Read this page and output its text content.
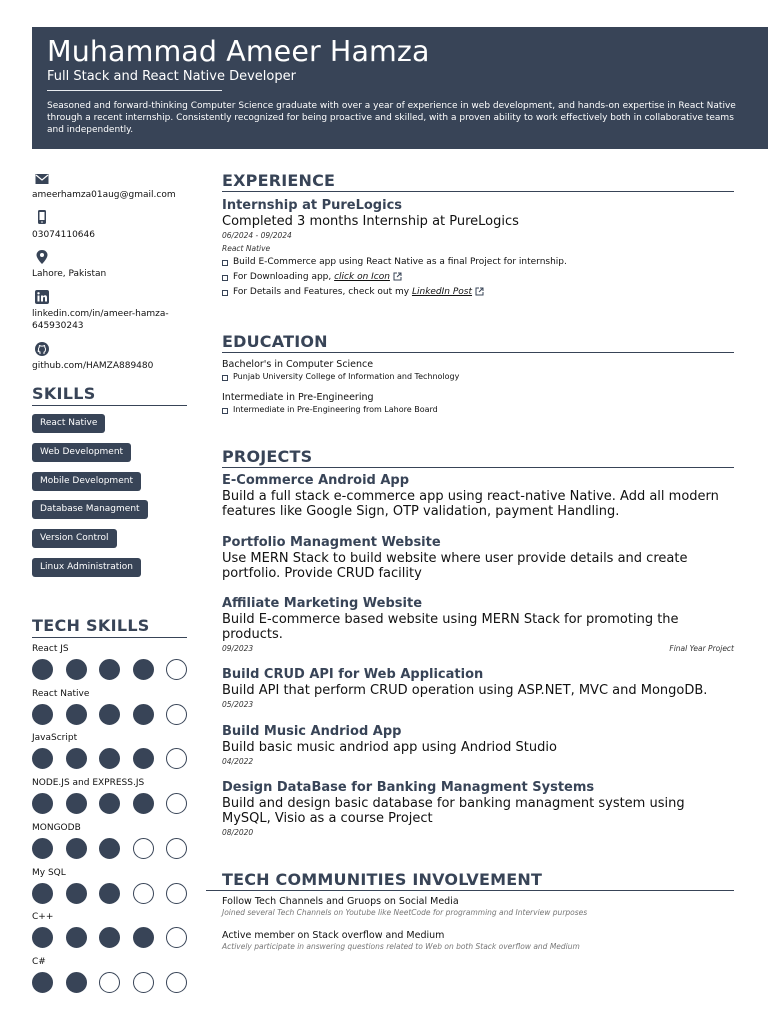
Muhammad Ameer Hamza
Full Stack and React Native Developer
Seasoned and forward-thinking Computer Science graduate with over a year of experience in web development, and hands-on expertise in React Native through a recent internship. Consistently recognized for being proactive and skilled, with a proven ability to work effectively both in collaborative teams and independently.
ameerhamza01aug@gmail.com
03074110646
Lahore, Pakistan
linkedin.com/in/ameer-hamza-645930243
github.com/HAMZA889480
SKILLS
React Native
Web Development
Mobile Development
Database Managment
Version Control
Linux Administration
TECH SKILLS
React JS
React Native
JavaScript
NODE.JS and EXPRESS.JS
MONGODB
My SQL
C++
C#
EXPERIENCE
Internship at PureLogics
Completed 3 months Internship at PureLogics
06/2024 - 09/2024
React Native
Build E-Commerce app using React Native as a final Project for internship.
For Downloading app, click on Icon
For Details and Features, check out my LinkedIn Post
EDUCATION
Bachelor's in Computer Science
Punjab University College of Information and Technology
Intermediate in Pre-Engineering
Intermediate in Pre-Engineering from Lahore Board
PROJECTS
E-Commerce Android App
Build a full stack e-commerce app using react-native Native. Add all modern features like Google Sign, OTP validation, payment Handling.
Portfolio Managment Website
Use MERN Stack to build website where user provide details and create portfolio. Provide CRUD facility
Affiliate Marketing Website
Build E-commerce based website using MERN Stack for promoting the products.
09/2023	Final Year Project
Build CRUD API for Web Application
Build API that perform CRUD operation using ASP.NET, MVC and MongoDB.
05/2023
Build Music Andriod App
Build basic music andriod app using Andriod Studio
04/2022
Design DataBase for Banking Managment Systems
Build and design basic database for banking managment system using MySQL, Visio as a course Project
08/2020
TECH COMMUNITIES INVOLVEMENT
Follow Tech Channels and Gruops on Social Media
Joined several Tech Channels on Youtube like NeetCode for programming and Interview purposes
Active member on Stack overflow and Medium
Actively participate in answering questions related to Web on both Stack overflow and Medium
